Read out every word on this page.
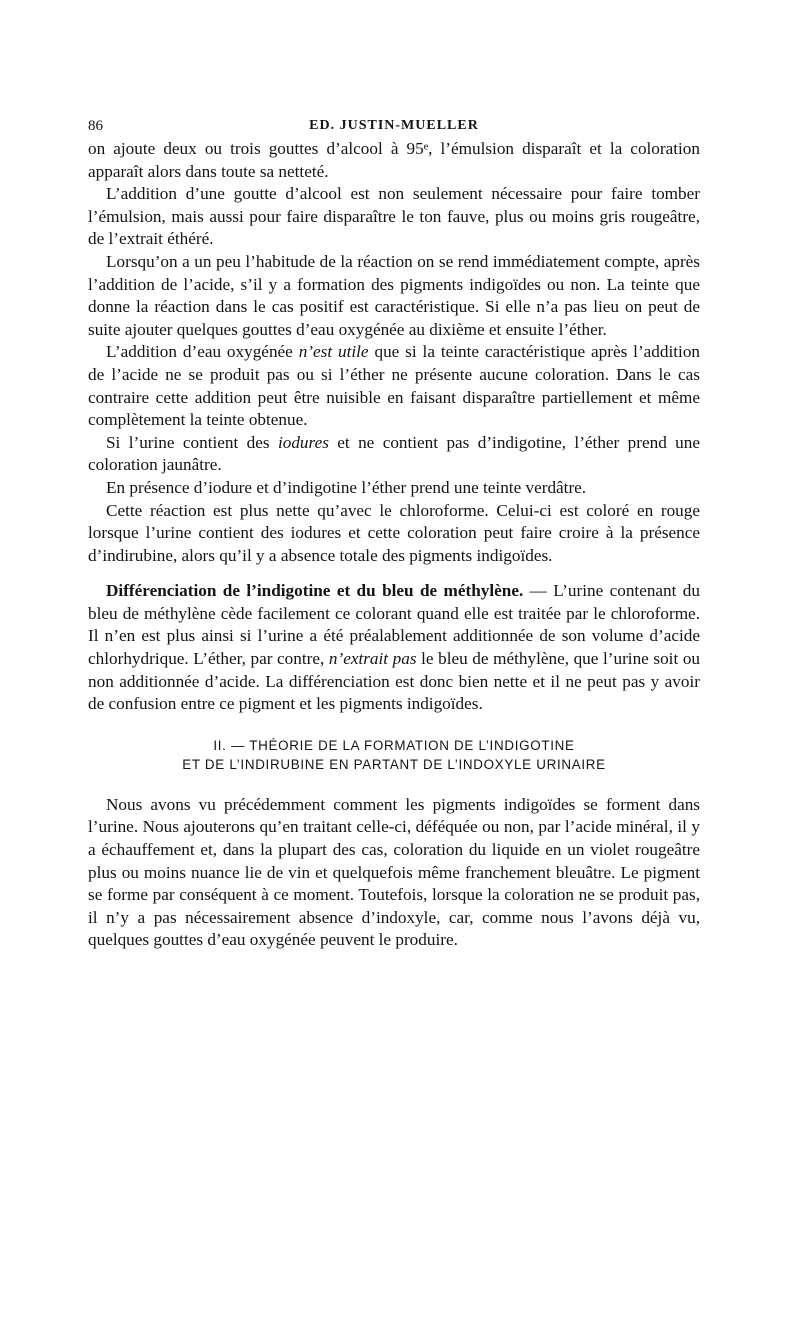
86	ED. JUSTIN-MUELLER

on ajoute deux ou trois gouttes d’alcool à 95ᵉ, l’émulsion disparaît et la coloration apparaît alors dans toute sa netteté.

L’addition d’une goutte d’alcool est non seulement nécessaire pour faire tomber l’émulsion, mais aussi pour faire disparaître le ton fauve, plus ou moins gris rougeâtre, de l’extrait éthéré.

Lorsqu’on a un peu l’habitude de la réaction on se rend immédiatement compte, après l’addition de l’acide, s’il y a formation des pigments indigoïdes ou non. La teinte que donne la réaction dans le cas positif est caractéristique. Si elle n’a pas lieu on peut de suite ajouter quelques gouttes d’eau oxygénée au dixième et ensuite l’éther.

L’addition d’eau oxygénée n’est utile que si la teinte caractéristique après l’addition de l’acide ne se produit pas ou si l’éther ne présente aucune coloration. Dans le cas contraire cette addition peut être nuisible en faisant disparaître partiellement et même complètement la teinte obtenue.

Si l’urine contient des iodures et ne contient pas d’indigotine, l’éther prend une coloration jaunâtre.

En présence d’iodure et d’indigotine l’éther prend une teinte verdâtre.

Cette réaction est plus nette qu’avec le chloroforme. Celui-ci est coloré en rouge lorsque l’urine contient des iodures et cette coloration peut faire croire à la présence d’indirubine, alors qu’il y a absence totale des pigments indigoïdes.

Différenciation de l’indigotine et du bleu de méthylène. — L’urine contenant du bleu de méthylène cède facilement ce colorant quand elle est traitée par le chloroforme. Il n’en est plus ainsi si l’urine a été préalablement additionnée de son volume d’acide chlorhydrique. L’éther, par contre, n’extrait pas le bleu de méthylène, que l’urine soit ou non additionnée d’acide. La différenciation est donc bien nette et il ne peut pas y avoir de confusion entre ce pigment et les pigments indigoïdes.

II. — THÉORIE DE LA FORMATION DE L’INDIGOTINE
ET DE L’INDIRUBINE EN PARTANT DE L’INDOXYLE URINAIRE

Nous avons vu précédemment comment les pigments indigoïdes se forment dans l’urine. Nous ajouterons qu’en traitant celle-ci, déféquée ou non, par l’acide minéral, il y a échauffement et, dans la plupart des cas, coloration du liquide en un violet rougeâtre plus ou moins nuance lie de vin et quelquefois même franchement bleuâtre. Le pigment se forme par conséquent à ce moment. Toutefois, lorsque la coloration ne se produit pas, il n’y a pas nécessairement absence d’indoxyle, car, comme nous l’avons déjà vu, quelques gouttes d’eau oxygénée peuvent le produire.
